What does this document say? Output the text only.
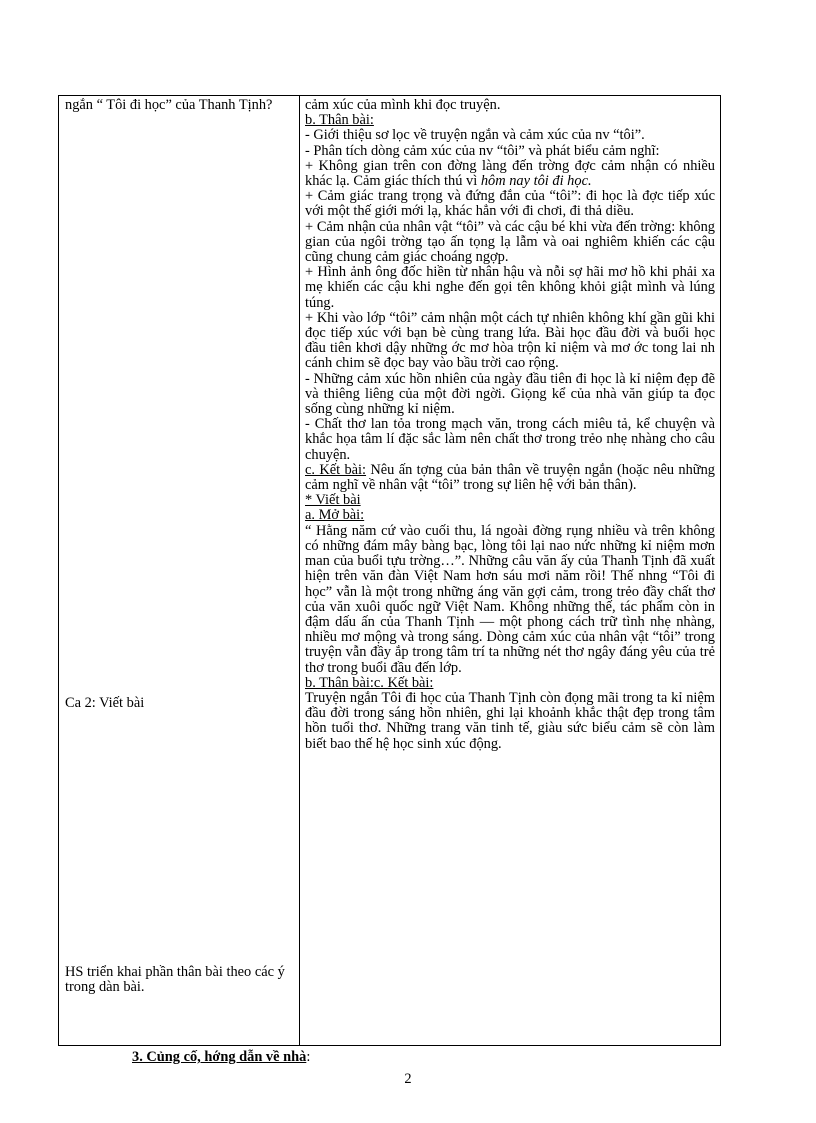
ngắn “ Tôi đi học” của Thanh Tịnh?

Ca 2: Viết bài

HS triển khai phần thân bài theo các ý trong dàn bài.

cảm xúc của mình khi đọc truyện.

b. Thân bài:

- Giới thiệu sơ lọc về truyện ngắn và cảm xúc của nv “tôi”.

- Phân tích dòng cảm xúc của nv “tôi” và phát biểu cảm nghĩ:

+ Không gian trên con đờng làng đến trờng đợc cảm nhận có nhiều khác lạ. Cảm giác thích thú vì hôm nay tôi đi học.

+ Cảm giác trang trọng và đứng đắn của “tôi”: đi học là đợc tiếp xúc với một thế giới mới lạ, khác hẳn với đi chơi, đi thả diều.

+ Cảm nhận của nhân vật “tôi” và các cậu bé khi vừa đến trờng: không gian của ngôi trờng tạo ấn tọng lạ lẫm và oai nghiêm khiến các cậu cũng chung cảm giác choáng ngợp.

+ Hình ảnh ông đốc hiền từ nhân hậu và nỗi sợ hãi mơ hồ khi phải xa mẹ khiến các cậu khi nghe đến gọi tên không khỏi giật mình và lúng túng.

+ Khi vào lớp “tôi” cảm nhận một cách tự nhiên không khí gần gũi khi đọc tiếp xúc với bạn bè cùng trang lứa. Bài học đầu đời và buổi học đầu tiên khơi dậy những ớc mơ hòa trộn kỉ niệm và mơ ớc tong lai nh cánh chim sẽ đọc bay vào bầu trời cao rộng.

- Những cảm xúc hồn nhiên của ngày đầu tiên đi học là kỉ niệm đẹp đẽ và thiêng liêng của một đời ngời. Giọng kể của nhà văn giúp ta đọc sống cùng những kỉ niệm.

- Chất thơ lan tỏa trong mạch văn, trong cách miêu tả, kể chuyện và khắc họa tâm lí đặc sắc làm nên chất thơ trong trẻo nhẹ nhàng cho câu chuyện.

c. Kết bài: Nêu ấn tợng của bản thân về truyện ngắn (hoặc nêu những cảm nghĩ về nhân vật “tôi” trong sự liên hệ với bản thân).

* Viết bài

a. Mở bài:

“ Hằng năm cứ vào cuối thu, lá ngoài đờng rụng nhiều và trên không có những đám mây bàng bạc, lòng tôi lại nao nức những kỉ niệm mơn man của buổi tựu trờng…”. Những câu văn ấy của Thanh Tịnh đã xuất hiện trên văn đàn Việt Nam hơn sáu mơi năm rồi! Thế nhng “Tôi đi học” vẫn là một trong những áng văn gợi cảm, trong trẻo đầy chất thơ của văn xuôi quốc ngữ Việt Nam. Không những thế, tác phẩm còn in đậm dấu ấn của Thanh Tịnh — một phong cách trữ tình nhẹ nhàng, nhiều mơ mộng và trong sáng. Dòng cảm xúc của nhân vật “tôi” trong truyện vẫn đầy ắp trong tâm trí ta những nét thơ ngây đáng yêu của trẻ thơ trong buổi đầu đến lớp.

b. Thân bài:c. Kết bài:

Truyện ngắn Tôi đi học của Thanh Tịnh còn đọng mãi trong ta kỉ niệm đầu đời trong sáng hồn nhiên, ghi lại khoảnh khắc thật đẹp trong tâm hồn tuổi thơ. Những trang văn tinh tế, giàu sức biểu cảm sẽ còn làm biết bao thế hệ học sinh xúc động.

3. Củng cố, hớng dẫn về nhà:
2
